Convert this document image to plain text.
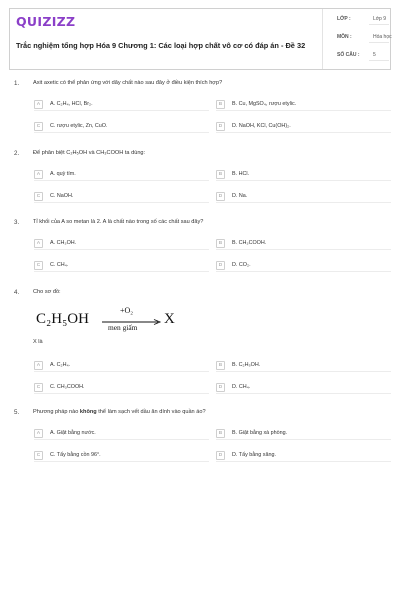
QUIZIZZ
Trắc nghiệm tổng hợp Hóa 9 Chương 1: Các loại hợp chất vô cơ có đáp án - Đề 32
LỚP :	Lớp 9
MÔN :	Hóa học
SỐ CÂU :	5
1. Axit axetic có thể phản ứng với dãy chất nào sau đây ở điều kiện thích hợp?
A	A. C₂H₄, HCl, Br₂.	B	B. Cu, MgSO₄, rượu etylic.
C	C. rượu etylic, Zn, CuO.	D	D. NaOH, KCl, Cu(OH)₂.
2. Để phân biệt C₂H₅OH và CH₃COOH ta dùng:
A	A. quỳ tím.	B	B. HCl.
C	C. NaOH.	D	D. Na.
3. Tỉ khối của A so metan là 2. A là chất nào trong số các chất sau đây?
A	A. CH₃OH.	B	B. CH₃COOH.
C	C. CH₄.	D	D. CO₂.
4. Cho sơ đồ:
X là
A	A. C₂H₄.	B	B. C₂H₅OH.
C	C. CH₃COOH.	D	D. CH₄.
C₂H₅OH
+O₂
men giấm
X
5. Phương pháp nào không thể làm sạch vết dầu ăn dính vào quần áo?
A	A. Giặt bằng nước.	B	B. Giặt bằng xà phòng.
C	C. Tẩy bằng cồn 96°.	D	D. Tẩy bằng xăng.
